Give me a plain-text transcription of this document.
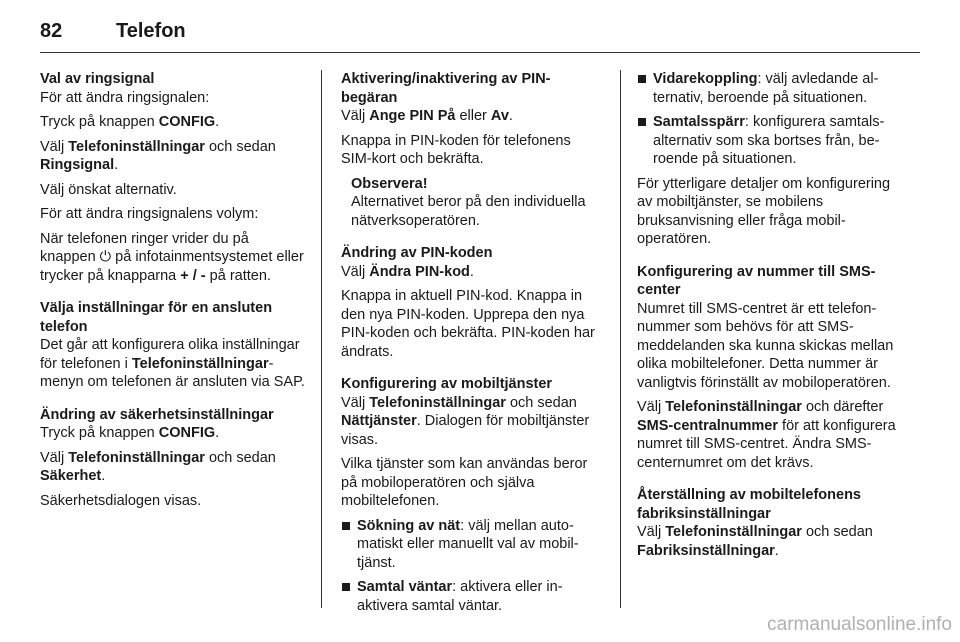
82	Telefon

Val av ringsignal

För att ändra ringsignalen:

Tryck på knappen CONFIG.

Välj Telefoninställningar och sedan Ringsignal.

Välj önskat alternativ.

För att ändra ringsignalens volym:

När telefonen ringer vrider du på knappen ⏻ på infotainmentsystemet eller trycker på knapparna + / - på ratten.

Välja inställningar för en ansluten telefon

Det går att konfigurera olika inställningar för telefonen i Telefoninställningar-menyn om telefonen är ansluten via SAP.

Ändring av säkerhetsinställningar

Tryck på knappen CONFIG.

Välj Telefoninställningar och sedan Säkerhet.

Säkerhetsdialogen visas.

Aktivering/inaktivering av PIN-begäran

Välj Ange PIN På eller Av.

Knappa in PIN-koden för telefonens SIM-kort och bekräfta.

Observera!

Alternativet beror på den individuella nätverksoperatören.

Ändring av PIN-koden

Välj Ändra PIN-kod.

Knappa in aktuell PIN-kod. Knappa in den nya PIN-koden. Upprepa den nya PIN-koden och bekräfta. PIN-koden har ändrats.

Konfigurering av mobiltjänster

Välj Telefoninställningar och sedan Nättjänster. Dialogen för mobiltjänster visas.

Vilka tjänster som kan användas beror på mobiloperatören och själva mobiltelefonen.

Sökning av nät: välj mellan automatiskt eller manuellt val av mobiltjänst.
Samtal väntar: aktivera eller inaktivera samtal väntar.
Vidarekoppling: välj avledande alternativ, beroende på situationen.
Samtalsspärr: konfigurera samtalsalternativ som ska bortses från, beroende på situationen.

För ytterligare detaljer om konfigurering av mobiltjänster, se mobilens bruksanvisning eller fråga mobiloperatören.

Konfigurering av nummer till SMS-center

Numret till SMS-centret är ett telefonnummer som behövs för att SMS-meddelanden ska kunna skickas mellan olika mobiltelefoner. Detta nummer är vanligtvis förinställt av mobiloperatören.

Välj Telefoninställningar och därefter SMS-centralnummer för att konfigurera numret till SMS-centret. Ändra SMS-centernumret om det krävs.

Återställning av mobiltelefonens fabriksinställningar

Välj Telefoninställningar och sedan Fabriksinställningar.

carmanualsonline.info
